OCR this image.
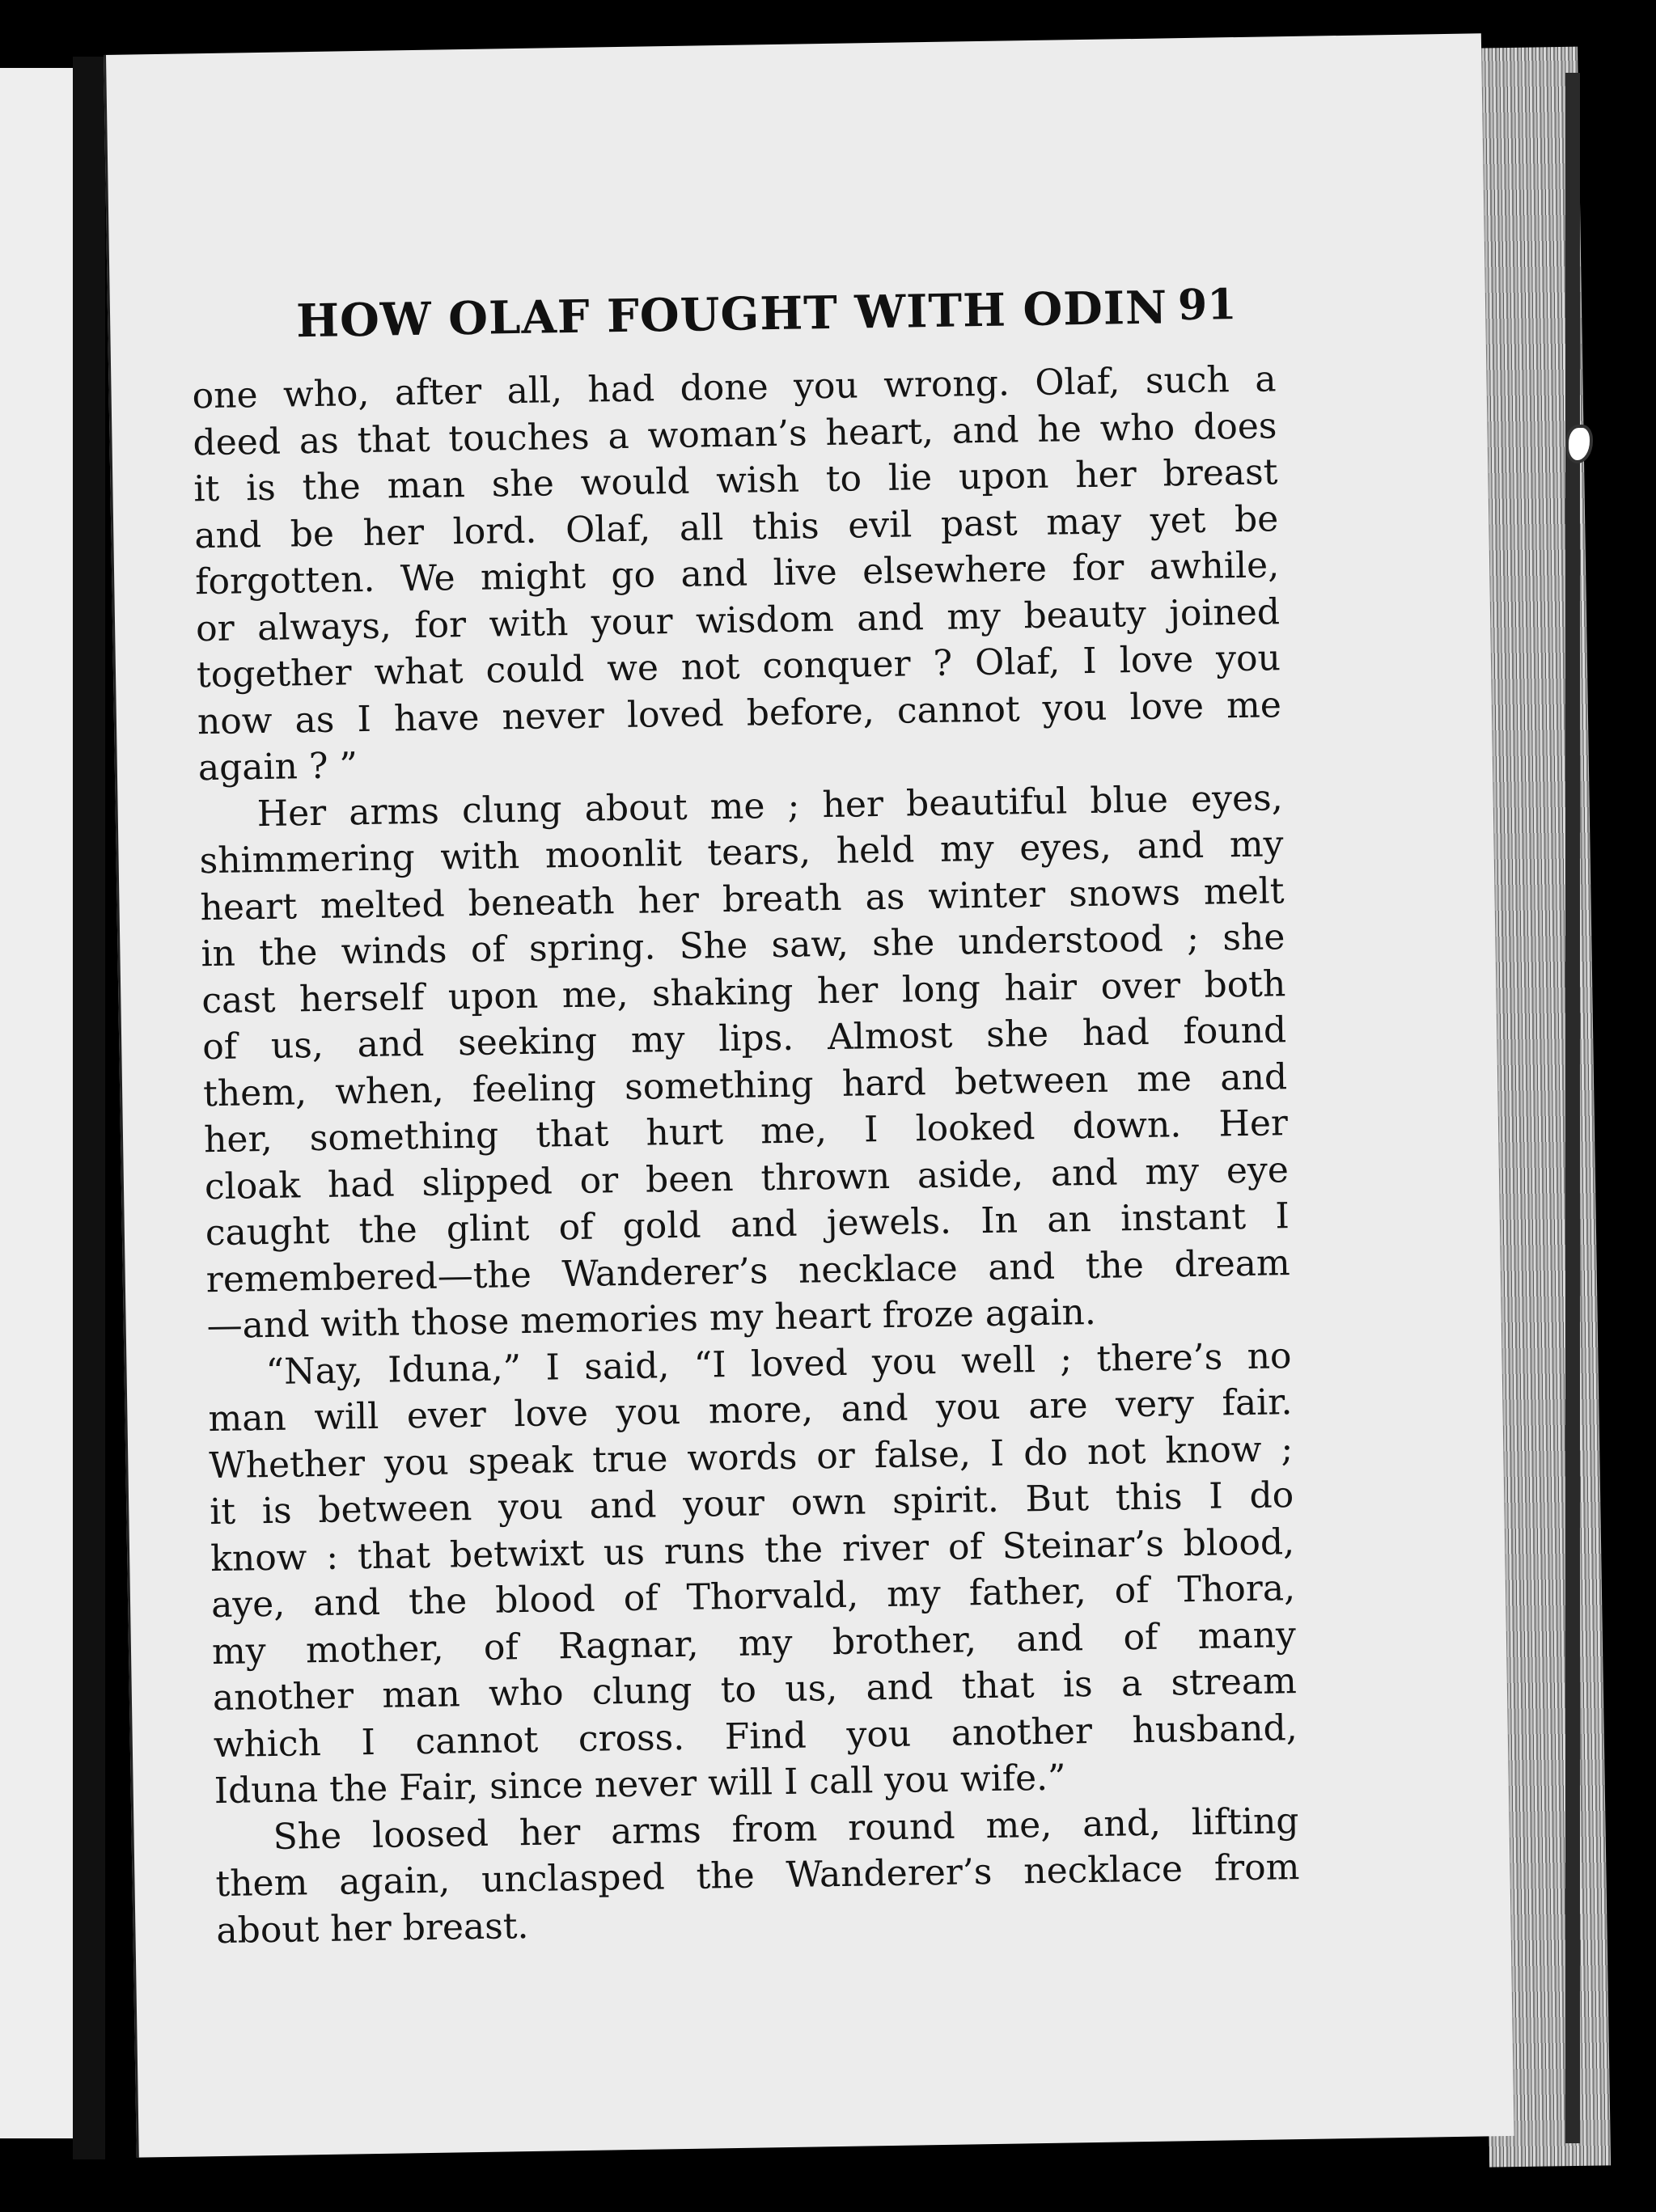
HOW OLAF FOUGHT WITH ODIN 91
one who, after all, had done you wrong. Olaf, such a
deed as that touches a woman’s heart, and he who does
it is the man she would wish to lie upon her breast
and be her lord. Olaf, all this evil past may yet be
forgotten. We might go and live elsewhere for awhile,
or always, for with your wisdom and my beauty joined
together what could we not conquer ? Olaf, I love you
now as I have never loved before, cannot you love me
again ? ”
Her arms clung about me ; her beautiful blue eyes,
shimmering with moonlit tears, held my eyes, and my
heart melted beneath her breath as winter snows melt
in the winds of spring. She saw, she understood ; she
cast herself upon me, shaking her long hair over both
of us, and seeking my lips. Almost she had found
them, when, feeling something hard between me and
her, something that hurt me, I looked down. Her
cloak had slipped or been thrown aside, and my eye
caught the glint of gold and jewels. In an instant I
remembered—the Wanderer’s necklace and the dream
—and with those memories my heart froze again.
“Nay, Iduna,” I said, “I loved you well ; there’s no
man will ever love you more, and you are very fair.
Whether you speak true words or false, I do not know ;
it is between you and your own spirit. But this I do
know : that betwixt us runs the river of Steinar’s blood,
aye, and the blood of Thorvald, my father, of Thora,
my mother, of Ragnar, my brother, and of many
another man who clung to us, and that is a stream
which I cannot cross. Find you another husband,
Iduna the Fair, since never will I call you wife.”
She loosed her arms from round me, and, lifting
them again, unclasped the Wanderer’s necklace from
about her breast.
